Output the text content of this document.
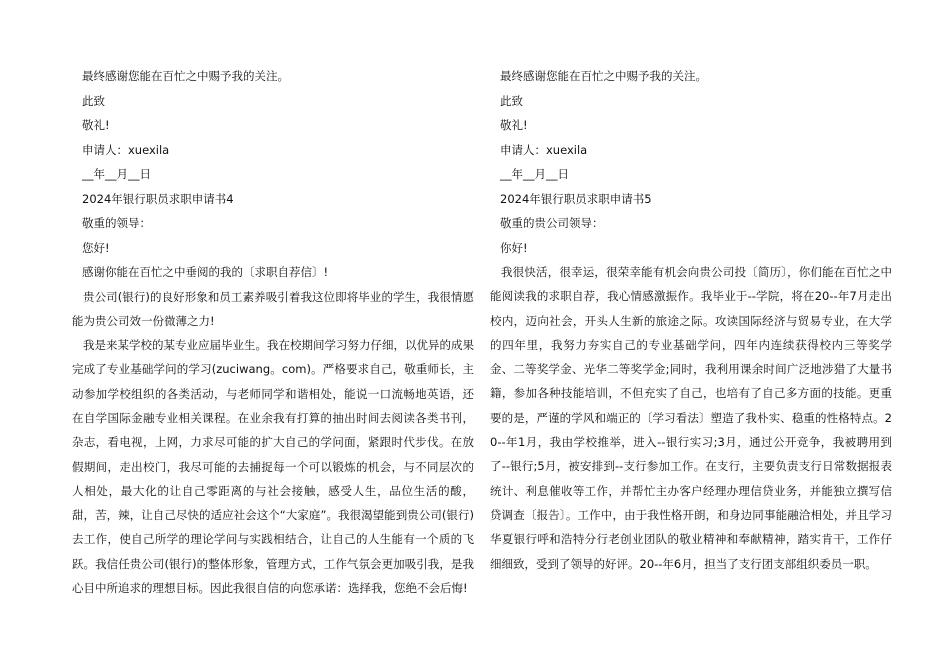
最终感谢您能在百忙之中赐予我的关注。

此致

敬礼!

申请人：xuexila

__年__月__日

2024年银行职员求职申请书4

敬重的领导：

您好!

感谢你能在百忙之中垂阅的我的〔求职自荐信〕!

贵公司(银行)的良好形象和员工素养吸引着我这位即将毕业的学生，我很情愿能为贵公司效一份微薄之力!

我是来某学校的某专业应届毕业生。我在校期间学习努力仔细，以优异的成果完成了专业基础学问的学习(zuciwang。com)。严格要求自己，敬重师长，主动参加学校组织的各类活动，与老师同学和谐相处，能说一口流畅地英语，还在自学国际金融专业相关课程。在业余我有打算的抽出时间去阅读各类书刊，杂志，看电视，上网，力求尽可能的扩大自己的学问面，紧跟时代步伐。在放假期间，走出校门，我尽可能的去捕捉每一个可以锻炼的机会，与不同层次的人相处，最大化的让自己零距离的与社会接触，感受人生，品位生活的酸，甜，苦，辣，让自己尽快的适应社会这个“大家庭”。我很渴望能到贵公司(银行)去工作，使自己所学的理论学问与实践相结合，让自己的人生能有一个质的飞跃。我信任贵公司(银行)的整体形象，管理方式，工作气氛会更加吸引我，是我心目中所追求的理想目标。因此我很自信的向您承诺：选择我，您绝不会后悔!

最终感谢您能在百忙之中赐予我的关注。

此致

敬礼!

申请人：xuexila

__年__月__日

2024年银行职员求职申请书5

敬重的贵公司领导：

你好!

我很快活，很幸运，很荣幸能有机会向贵公司投〔简历〕，你们能在百忙之中能阅读我的求职自荐，我心情感激振作。我毕业于--学院，将在20--年7月走出校内，迈向社会，开头人生新的旅途之际。攻读国际经济与贸易专业，在大学的四年里，我努力夯实自己的专业基础学问，四年内连续获得校内三等奖学金、二等奖学金、光华二等奖学金;同时，我利用课余时间广泛地涉猎了大量书籍，参加各种技能培训，不但充实了自己，也培有了自己多方面的技能。更重要的是，严谨的学风和端正的〔学习看法〕塑造了我朴实、稳重的性格特点。20--年1月，我由学校推举，进入--银行实习;3月，通过公开竞争，我被聘用到了--银行;5月，被安排到--支行参加工作。在支行，主要负责支行日常数据报表统计、利息催收等工作，并帮忙主办客户经理办理信贷业务，并能独立撰写信贷调查〔报告〕。工作中，由于我性格开朗，和身边同事能融洽相处，并且学习华夏银行呼和浩特分行老创业团队的敬业精神和奉献精神，踏实肯干，工作仔细细致，受到了领导的好评。20--年6月，担当了支行团支部组织委员一职。
